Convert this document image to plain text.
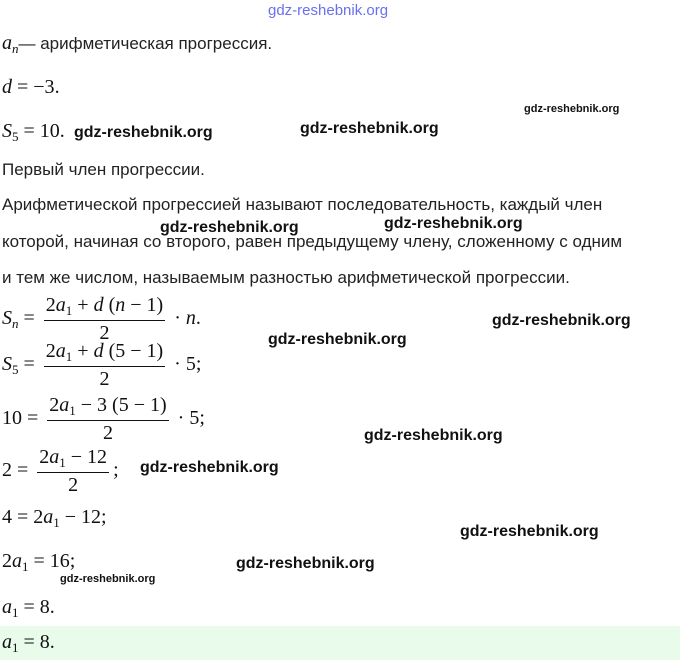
gdz-reshebnik.org
$a_n—$ арифметическая прогрессия.
d = −3.
$S_5 = 10$.
Первый член прогрессии.
Арифметической прогрессией называют последовательность, каждый член
которой, начиная со второго, равен предыдущему члену, сложенному с одним
и тем же числом, называемым разностью арифметической прогрессии.
$S_n = \frac{2a_1 + d (n - 1)}{2} \cdot n$.
$S_5 = \frac{2a_1 + d (5 - 1)}{2} \cdot 5$;
$10 = \frac{2a_1 - 3 (5 - 1)}{2} \cdot 5$;
$2 = \frac{2a_1 - 12}{2}$ ;
$4 = 2a_1 - 12$;
$2a_1 = 16$;
$a_1 = 8$.
$a_1 = 8$.
gdz-reshebnik.org
gdz-reshebnik.org	gdz-reshebnik.org
gdz-reshebnik.org	gdz-reshebnik.org
gdz-reshebnik.org
gdz-reshebnik.org
gdz-reshebnik.org
gdz-reshebnik.org
gdz-reshebnik.org
gdz-reshebnik.org
gdz-reshebnik.org
